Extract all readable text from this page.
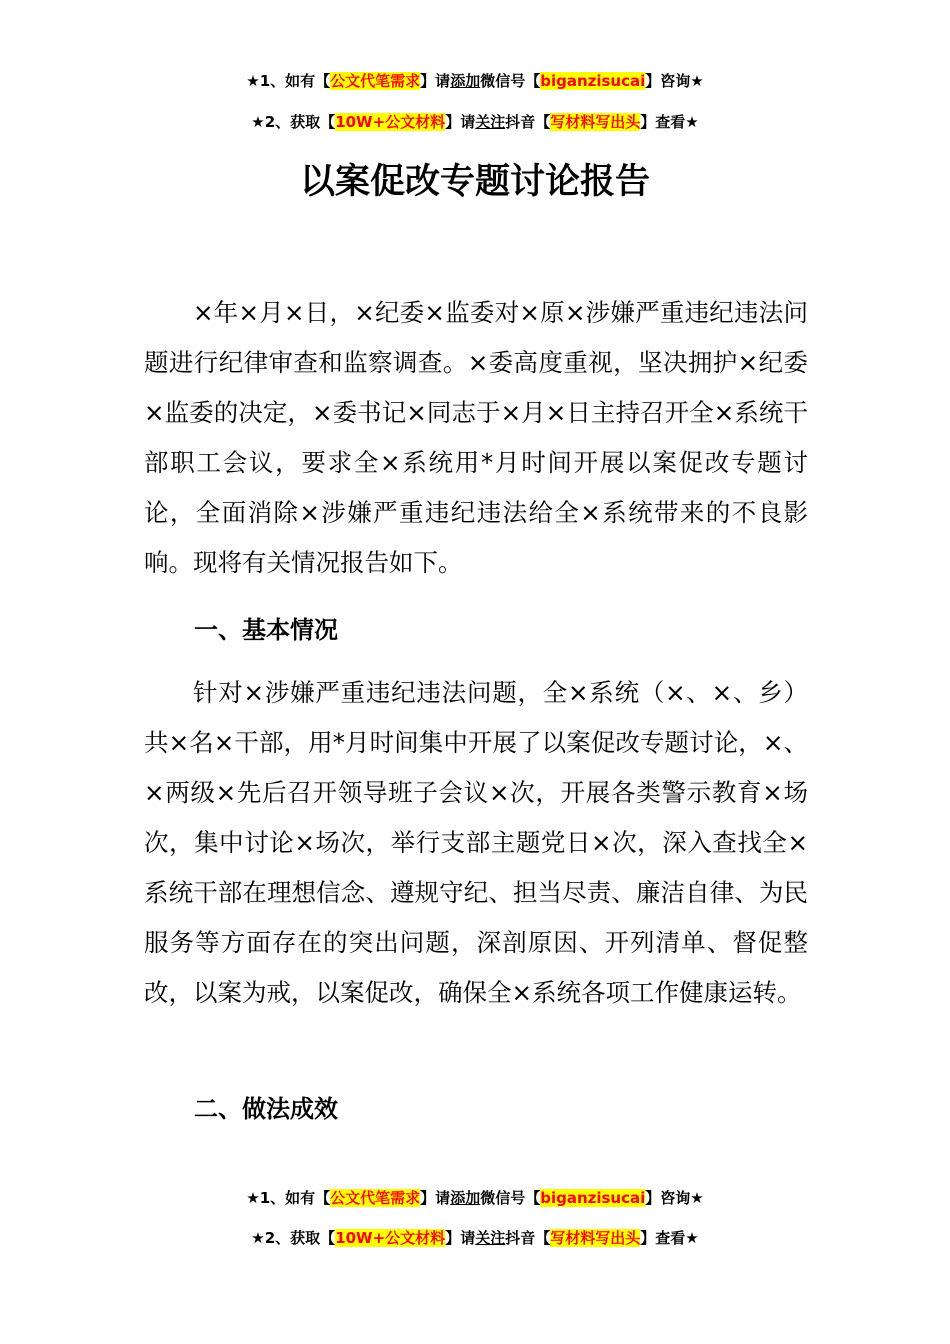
★1、如有【公文代笔需求】请添加微信号【biganzisucai】咨询★
★2、获取【10W+公文材料】请关注抖音【写材料写出头】查看★
以案促改专题讨论报告

×年×月×日，×纪委×监委对×原×涉嫌严重违纪违法问题进行纪律审查和监察调查。×委高度重视，坚决拥护×纪委×监委的决定，×委书记×同志于×月×日主持召开全×系统干部职工会议，要求全×系统用*月时间开展以案促改专题讨论，全面消除×涉嫌严重违纪违法给全×系统带来的不良影响。现将有关情况报告如下。

一、基本情况

针对×涉嫌严重违纪违法问题，全×系统（×、×、乡）共×名×干部，用*月时间集中开展了以案促改专题讨论，×、×两级×先后召开领导班子会议×次，开展各类警示教育×场次，集中讨论×场次，举行支部主题党日×次，深入查找全×系统干部在理想信念、遵规守纪、担当尽责、廉洁自律、为民服务等方面存在的突出问题，深剖原因、开列清单、督促整改，以案为戒，以案促改，确保全×系统各项工作健康运转。

二、做法成效
★1、如有【公文代笔需求】请添加微信号【biganzisucai】咨询★
★2、获取【10W+公文材料】请关注抖音【写材料写出头】查看★
